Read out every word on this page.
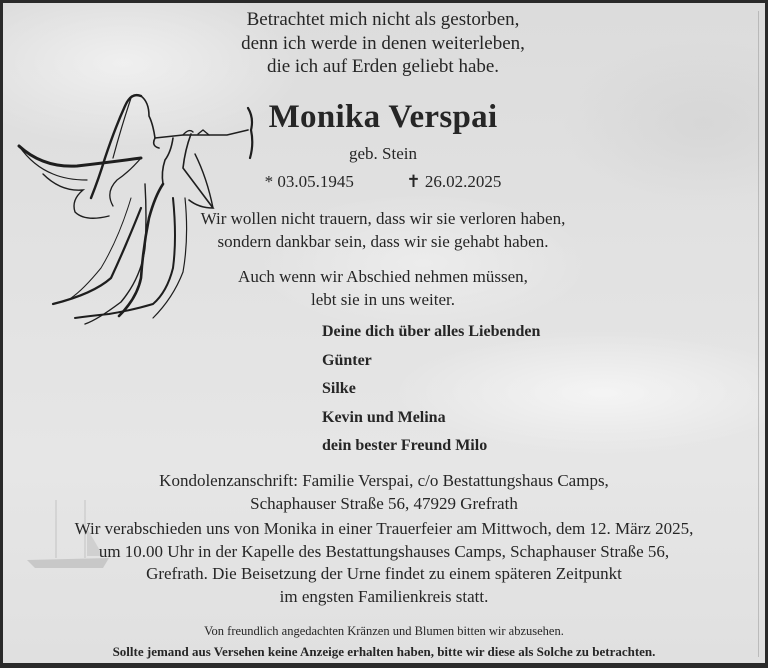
Betrachtet mich nicht als gestorben,
denn ich werde in denen weiterleben,
die ich auf Erden geliebt habe.
Monika Verspai
geb. Stein
* 03.05.1945	✝ 26.02.2025
Wir wollen nicht trauern, dass wir sie verloren haben,
sondern dankbar sein, dass wir sie gehabt haben.
Auch wenn wir Abschied nehmen müssen,
lebt sie in uns weiter.
Deine dich über alles Liebenden
Günter
Silke
Kevin und Melina
dein bester Freund Milo
Kondolenzanschrift: Familie Verspai, c/o Bestattungshaus Camps,
Schaphauser Straße 56, 47929 Grefrath
Wir verabschieden uns von Monika in einer Trauerfeier am Mittwoch, dem 12. März 2025,
um 10.00 Uhr in der Kapelle des Bestattungshauses Camps, Schaphauser Straße 56,
Grefrath. Die Beisetzung der Urne findet zu einem späteren Zeitpunkt
im engsten Familienkreis statt.
Von freundlich angedachten Kränzen und Blumen bitten wir abzusehen.
Sollte jemand aus Versehen keine Anzeige erhalten haben, bitte wir diese als Solche zu betrachten.
